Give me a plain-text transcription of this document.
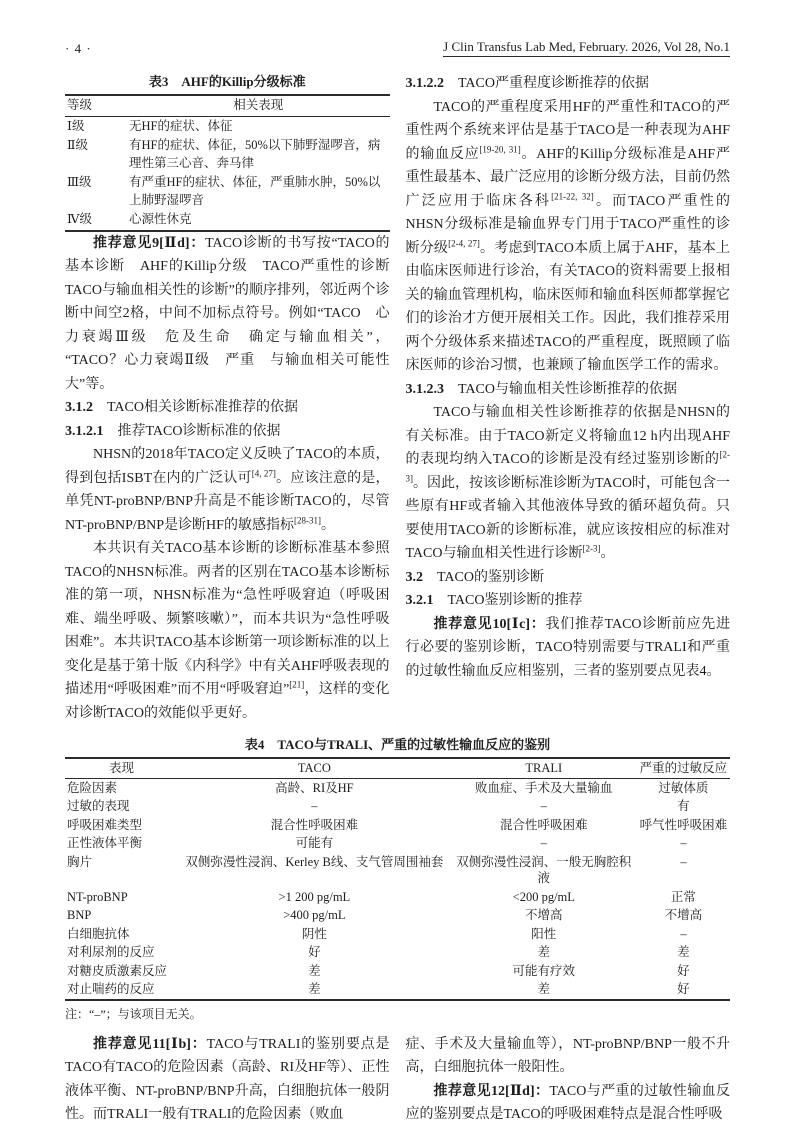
· 4 ·	J Clin Transfus Lab Med, February. 2026, Vol 28, No.1
表3　AHF的Killip分级标准
等级	相关表现
Ⅰ级	无HF的症状、体征
Ⅱ级	有HF的症状、体征，50%以下肺野湿啰音，病理性第三心音、奔马律
Ⅲ级	有严重HF的症状、体征，严重肺水肿，50%以上肺野湿啰音
Ⅳ级	心源性休克

推荐意见9[Ⅱd]：TACO诊断的书写按“TACO的基本诊断　AHF的Killip分级　TACO严重性的诊断　TACO与输血相关性的诊断”的顺序排列，邻近两个诊断中间空2格，中间不加标点符号。例如“TACO　心力衰竭Ⅲ级　危及生命　确定与输血相关”，“TACO？心力衰竭Ⅱ级　严重　与输血相关可能性大”等。

3.1.2　TACO相关诊断标准推荐的依据
3.1.2.1　推荐TACO诊断标准的依据

NHSN的2018年TACO定义反映了TACO的本质，得到包括ISBT在内的广泛认可[4, 27]。应该注意的是，单凭NT-proBNP/BNP升高是不能诊断TACO的，尽管NT-proBNP/BNP是诊断HF的敏感指标[28-31]。

本共识有关TACO基本诊断的诊断标准基本参照TACO的NHSN标准。两者的区别在TACO基本诊断标准的第一项，NHSN标准为“急性呼吸窘迫（呼吸困难、端坐呼吸、频繁咳嗽）”，而本共识为“急性呼吸困难”。本共识TACO基本诊断第一项诊断标准的以上变化是基于第十版《内科学》中有关AHF呼吸表现的描述用“呼吸困难”而不用“呼吸窘迫”[21]，这样的变化对诊断TACO的效能似乎更好。

3.1.2.2　TACO严重程度诊断推荐的依据

TACO的严重程度采用HF的严重性和TACO的严重性两个系统来评估是基于TACO是一种表现为AHF的输血反应[19-20, 31]。AHF的Killip分级标准是AHF严重性最基本、最广泛应用的诊断分级方法，目前仍然广泛应用于临床各科[21-22, 32]。而TACO严重性的NHSN分级标准是输血界专门用于TACO严重性的诊断分级[2-4, 27]。考虑到TACO本质上属于AHF，基本上由临床医师进行诊治，有关TACO的资料需要上报相关的输血管理机构，临床医师和输血科医师都掌握它们的诊治才方便开展相关工作。因此，我们推荐采用两个分级体系来描述TACO的严重程度，既照顾了临床医师的诊治习惯，也兼顾了输血医学工作的需求。

3.1.2.3　TACO与输血相关性诊断推荐的依据

TACO与输血相关性诊断推荐的依据是NHSN的有关标准。由于TACO新定义将输血12 h内出现AHF的表现均纳入TACO的诊断是没有经过鉴别诊断的[2-3]。因此，按该诊断标准诊断为TACO时，可能包含一些原有HF或者输入其他液体导致的循环超负荷。只要使用TACO新的诊断标准，就应该按相应的标准对TACO与输血相关性进行诊断[2-3]。

3.2　TACO的鉴别诊断
3.2.1　TACO鉴别诊断的推荐

推荐意见10[Ⅰc]：我们推荐TACO诊断前应先进行必要的鉴别诊断，TACO特别需要与TRALI和严重的过敏性输血反应相鉴别，三者的鉴别要点见表4。

表4　TACO与TRALI、严重的过敏性输血反应的鉴别
表现	TACO	TRALI	严重的过敏反应
危险因素	高龄、RI及HF	败血症、手术及大量输血	过敏体质
过敏的表现	–	–	有
呼吸困难类型	混合性呼吸困难	混合性呼吸困难	呼气性呼吸困难
正性液体平衡	可能有	–	–
胸片	双侧弥漫性浸润、Kerley B线、支气管周围袖套	双侧弥漫性浸润、一般无胸腔积液	–
NT-proBNP	>1 200 pg/mL	<200 pg/mL	正常
BNP	>400 pg/mL	不增高	不增高
白细胞抗体	阴性	阳性	–
对利尿剂的反应	好	差	差
对糖皮质激素反应	差	可能有疗效	好
对止喘药的反应	差	差	好
注：“–”；与该项目无关。

推荐意见11[Ⅰb]：TACO与TRALI的鉴别要点是TACO有TACO的危险因素（高龄、RI及HF等）、正性液体平衡、NT-proBNP/BNP升高，白细胞抗体一般阴性。而TRALI一般有TRALI的危险因素（败血

症、手术及大量输血等），NT-proBNP/BNP一般不升高，白细胞抗体一般阳性。

推荐意见12[Ⅱd]：TACO与严重的过敏性输血反应的鉴别要点是TACO的呼吸困难特点是混合性呼吸
